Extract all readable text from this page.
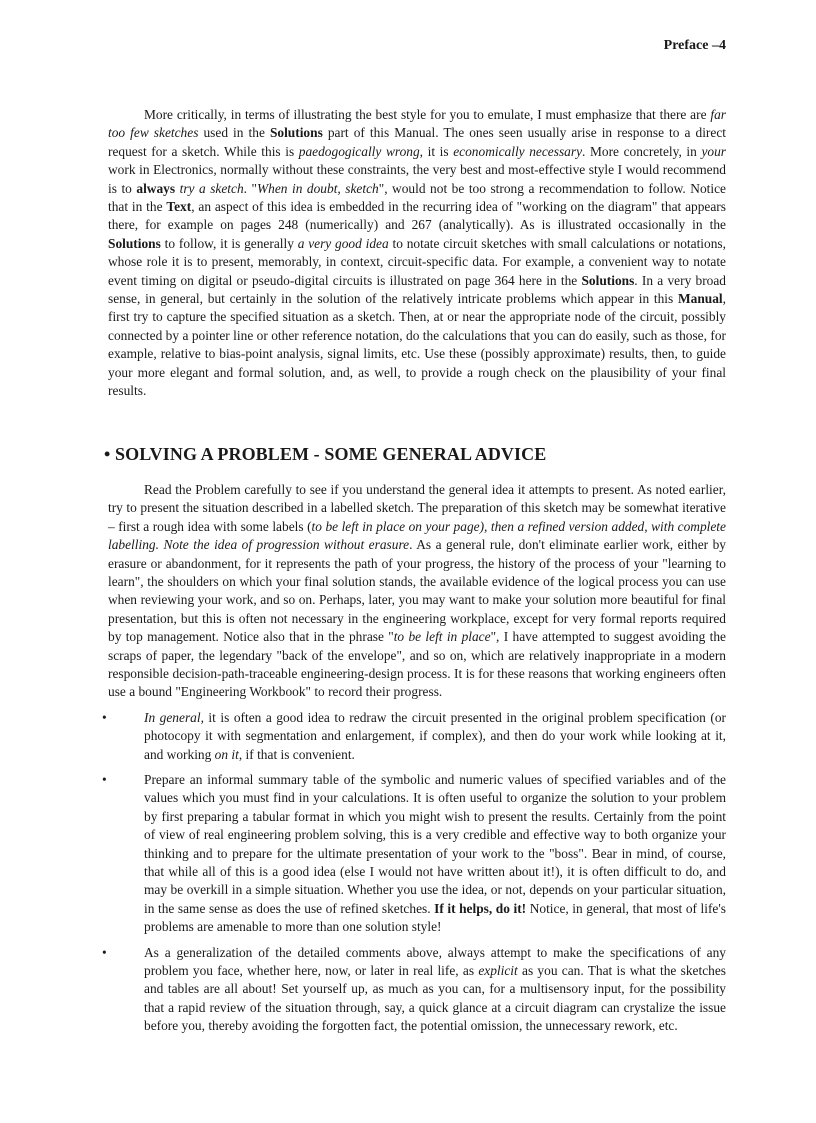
Preface –4

More critically, in terms of illustrating the best style for you to emulate, I must emphasize that there are far too few sketches used in the Solutions part of this Manual. The ones seen usually arise in response to a direct request for a sketch. While this is paedogogically wrong, it is economically necessary. More concretely, in your work in Electronics, normally without these constraints, the very best and most-effective style I would recommend is to always try a sketch. "When in doubt, sketch", would not be too strong a recommendation to follow. Notice that in the Text, an aspect of this idea is embedded in the recurring idea of "working on the diagram" that appears there, for example on pages 248 (numerically) and 267 (analytically). As is illustrated occasionally in the Solutions to follow, it is generally a very good idea to notate circuit sketches with small calculations or notations, whose role it is to present, memorably, in context, circuit-specific data. For example, a convenient way to notate event timing on digital or pseudo-digital circuits is illustrated on page 364 here in the Solutions. In a very broad sense, in general, but certainly in the solution of the relatively intricate problems which appear in this Manual, first try to capture the specified situation as a sketch. Then, at or near the appropriate node of the circuit, possibly connected by a pointer line or other reference notation, do the calculations that you can do easily, such as those, for example, relative to bias-point analysis, signal limits, etc. Use these (possibly approximate) results, then, to guide your more elegant and formal solution, and, as well, to provide a rough check on the plausibility of your final results.

• SOLVING A PROBLEM - SOME GENERAL ADVICE

Read the Problem carefully to see if you understand the general idea it attempts to present. As noted earlier, try to present the situation described in a labelled sketch. The preparation of this sketch may be somewhat iterative – first a rough idea with some labels (to be left in place on your page), then a refined version added, with complete labelling. Note the idea of progression without erasure. As a general rule, don't eliminate earlier work, either by erasure or abandonment, for it represents the path of your progress, the history of the process of your "learning to learn", the shoulders on which your final solution stands, the available evidence of the logical process you can use when reviewing your work, and so on. Perhaps, later, you may want to make your solution more beautiful for final presentation, but this is often not necessary in the engineering workplace, except for very formal reports required by top management. Notice also that in the phrase "to be left in place", I have attempted to suggest avoiding the scraps of paper, the legendary "back of the envelope", and so on, which are relatively inappropriate in a modern responsible decision-path-traceable engineering-design process. It is for these reasons that working engineers often use a bound "Engineering Workbook" to record their progress.

•	In general, it is often a good idea to redraw the circuit presented in the original problem specification (or photocopy it with segmentation and enlargement, if complex), and then do your work while looking at it, and working on it, if that is convenient.
•	Prepare an informal summary table of the symbolic and numeric values of specified variables and of the values which you must find in your calculations. It is often useful to organize the solution to your problem by first preparing a tabular format in which you might wish to present the results. Certainly from the point of view of real engineering problem solving, this is a very credible and effective way to both organize your thinking and to prepare for the ultimate presentation of your work to the "boss". Bear in mind, of course, that while all of this is a good idea (else I would not have written about it!), it is often difficult to do, and may be overkill in a simple situation. Whether you use the idea, or not, depends on your particular situation, in the same sense as does the use of refined sketches. If it helps, do it! Notice, in general, that most of life's problems are amenable to more than one solution style!
•	As a generalization of the detailed comments above, always attempt to make the specifications of any problem you face, whether here, now, or later in real life, as explicit as you can. That is what the sketches and tables are all about! Set yourself up, as much as you can, for a multisensory input, for the possibility that a rapid review of the situation through, say, a quick glance at a circuit diagram can crystalize the issue before you, thereby avoiding the forgotten fact, the potential omission, the unnecessary rework, etc.
